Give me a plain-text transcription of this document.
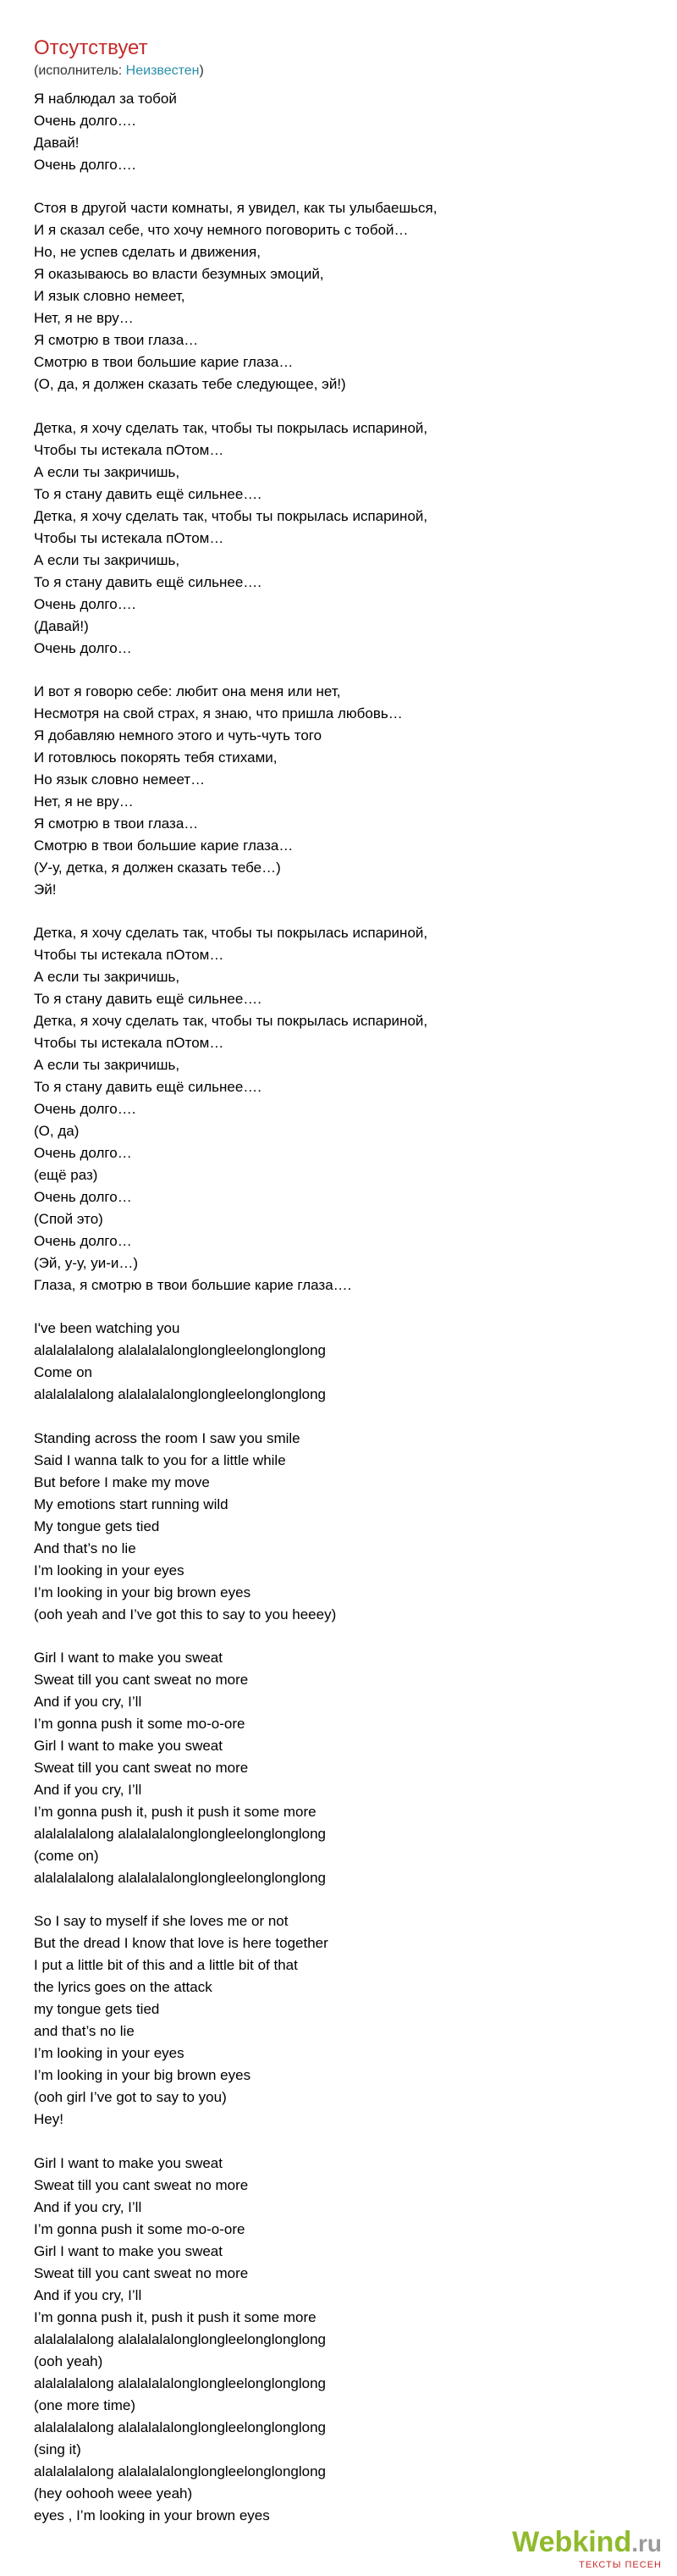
Отсутствует
(исполнитель: Неизвестен)
Я наблюдал за тобой
Очень долго….
Давай!
Очень долго….
Стоя в другой части комнаты, я увидел, как ты улыбаешься,
И я сказал себе, что хочу немного поговорить с тобой…
Но, не успев сделать и движения,
Я оказываюсь во власти безумных эмоций,
И язык словно немеет,
Нет, я не вру…
Я смотрю в твои глаза…
Смотрю в твои большие карие глаза…
(О, да, я должен сказать тебе следующее, эй!)
Детка, я хочу сделать так, чтобы ты покрылась испариной,
Чтобы ты истекала пОтом…
А если ты закричишь,
То я стану давить ещё сильнее….
Детка, я хочу сделать так, чтобы ты покрылась испариной,
Чтобы ты истекала пОтом…
А если ты закричишь,
То я стану давить ещё сильнее….
Очень долго….
(Давай!)
Очень долго…
И вот я говорю себе: любит она меня или нет,
Несмотря на свой страх, я знаю, что пришла любовь…
Я добавляю немного этого и чуть-чуть того
И готовлюсь покорять тебя стихами,
Но язык словно немеет…
Нет, я не вру…
Я смотрю в твои глаза…
Смотрю в твои большие карие глаза…
(У-у, детка, я должен сказать тебе…)
Эй!
Детка, я хочу сделать так, чтобы ты покрылась испариной,
Чтобы ты истекала пОтом…
А если ты закричишь,
То я стану давить ещё сильнее….
Детка, я хочу сделать так, чтобы ты покрылась испариной,
Чтобы ты истекала пОтом…
А если ты закричишь,
То я стану давить ещё сильнее….
Очень долго….
(О, да)
Очень долго…
(ещё раз)
Очень долго…
(Спой это)
Очень долго…
(Эй, у-у, уи-и…)
Глаза, я смотрю в твои большие карие глаза….
I've been watching you
alalalalalong alalalalalonglongleelonglonglong
Come on
alalalalalong alalalalalonglongleelonglonglong
Standing across the room I saw you smile
Said I wanna talk to you for a little while
But before I make my move
My emotions start running wild
My tongue gets tied
And that’s no lie
I’m looking in your eyes
I’m looking in your big brown eyes
(ooh yeah and I’ve got this to say to you heeey)
Girl I want to make you sweat
Sweat till you cant sweat no more
And if you cry, I’ll
I’m gonna push it some mo-o-ore
Girl I want to make you sweat
Sweat till you cant sweat no more
And if you cry, I’ll
I’m gonna push it, push it push it some more
alalalalalong alalalalalonglongleelonglonglong
(come on)
alalalalalong alalalalalonglongleelonglonglong
So I say to myself if she loves me or not
But the dread I know that love is here together
I put a little bit of this and a little bit of that
the lyrics goes on the attack
my tongue gets tied
and that’s no lie
I’m looking in your eyes
I’m looking in your big brown eyes
(ooh girl I’ve got to say to you)
Hey!
Girl I want to make you sweat
Sweat till you cant sweat no more
And if you cry, I’ll
I’m gonna push it some mo-o-ore
Girl I want to make you sweat
Sweat till you cant sweat no more
And if you cry, I’ll
I’m gonna push it, push it push it some more
alalalalalong alalalalalonglongleelonglonglong
(ooh yeah)
alalalalalong alalalalalonglongleelonglonglong
(one more time)
alalalalalong alalalalalonglongleelonglonglong
(sing it)
alalalalalong alalalalalonglongleelonglonglong
(hey oohooh weee yeah)
eyes , I’m looking in your brown eyes
Webkind.ru
ТЕКСТЫ ПЕСЕН
